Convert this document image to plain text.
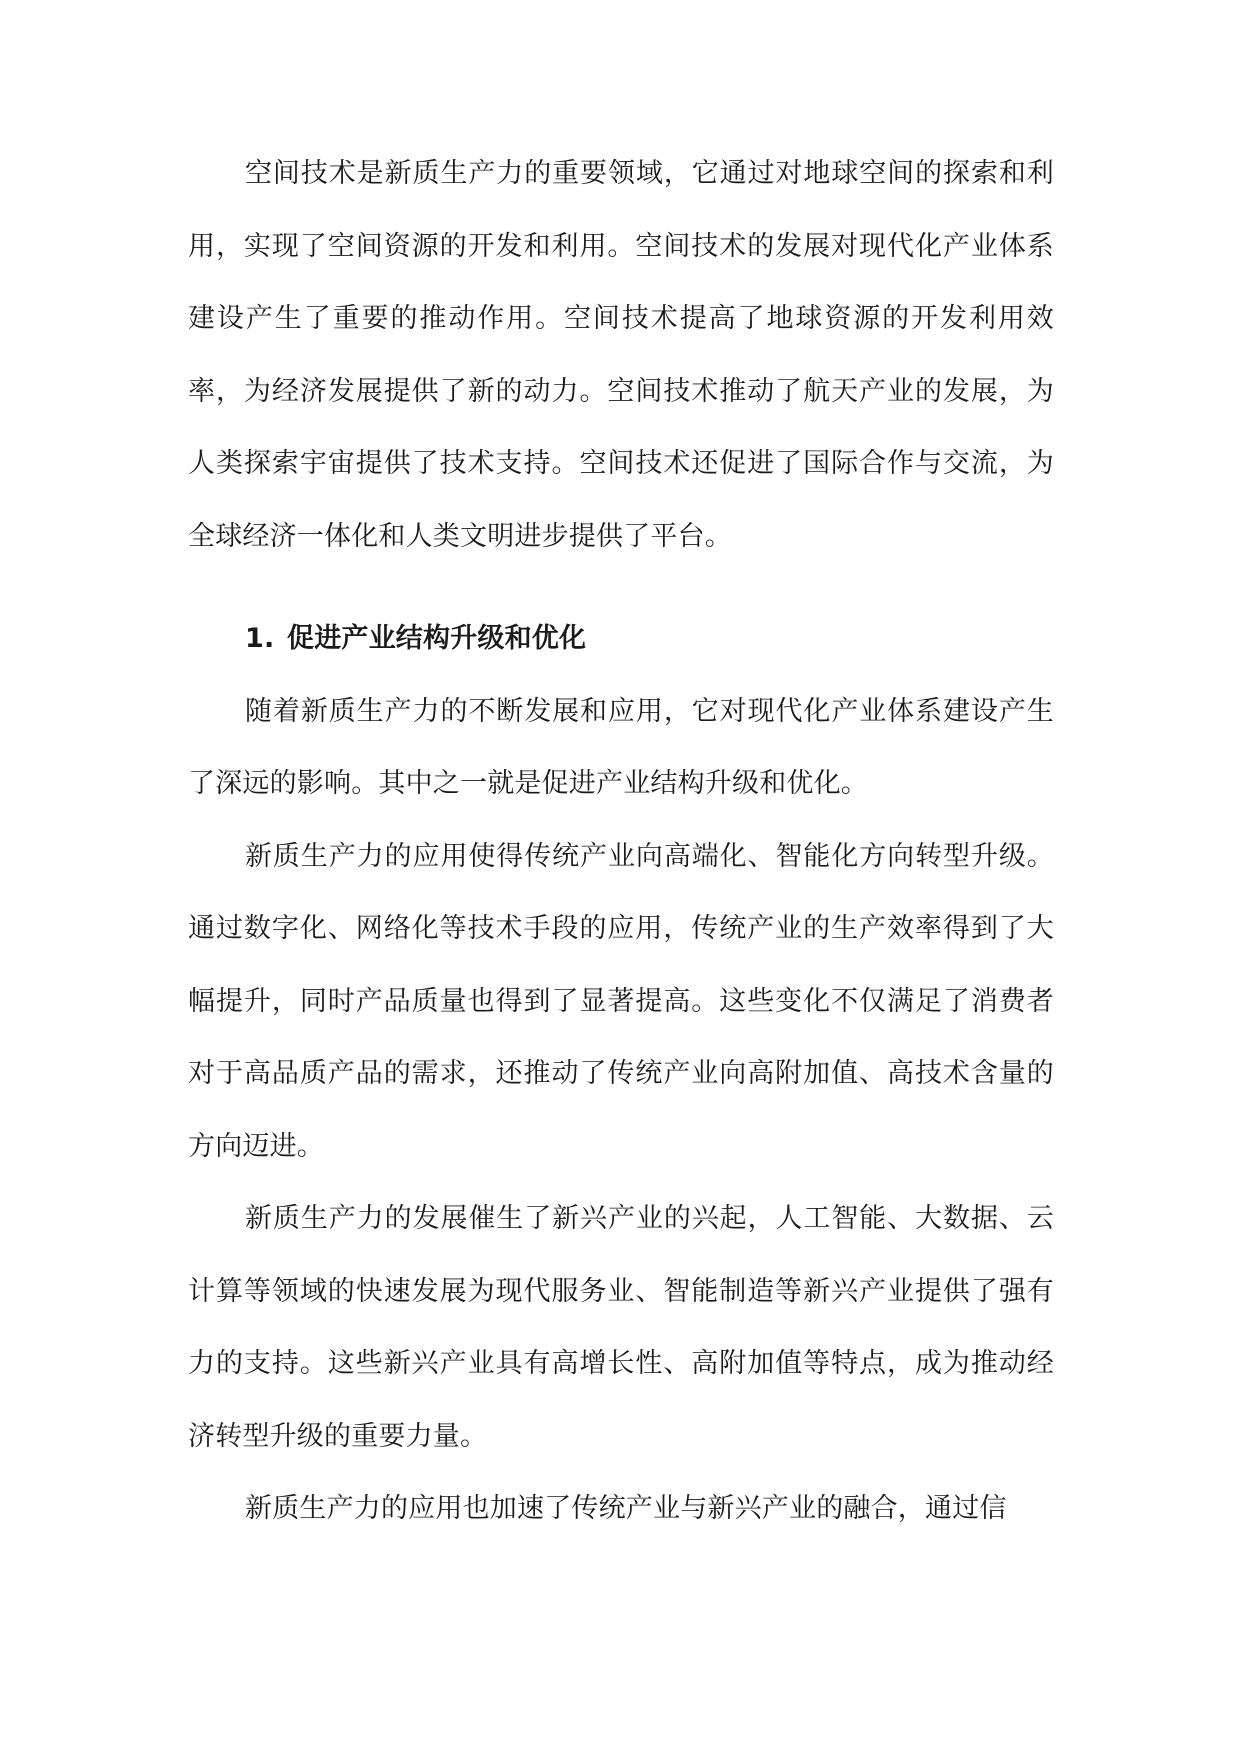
空间技术是新质生产力的重要领域，它通过对地球空间的探索和利用，实现了空间资源的开发和利用。空间技术的发展对现代化产业体系建设产生了重要的推动作用。空间技术提高了地球资源的开发利用效率，为经济发展提供了新的动力。空间技术推动了航天产业的发展，为人类探索宇宙提供了技术支持。空间技术还促进了国际合作与交流，为全球经济一体化和人类文明进步提供了平台。

1. 促进产业结构升级和优化

随着新质生产力的不断发展和应用，它对现代化产业体系建设产生了深远的影响。其中之一就是促进产业结构升级和优化。

新质生产力的应用使得传统产业向高端化、智能化方向转型升级。通过数字化、网络化等技术手段的应用，传统产业的生产效率得到了大幅提升，同时产品质量也得到了显著提高。这些变化不仅满足了消费者对于高品质产品的需求，还推动了传统产业向高附加值、高技术含量的方向迈进。

新质生产力的发展催生了新兴产业的兴起，人工智能、大数据、云计算等领域的快速发展为现代服务业、智能制造等新兴产业提供了强有力的支持。这些新兴产业具有高增长性、高附加值等特点，成为推动经济转型升级的重要力量。

新质生产力的应用也加速了传统产业与新兴产业的融合，通过信
